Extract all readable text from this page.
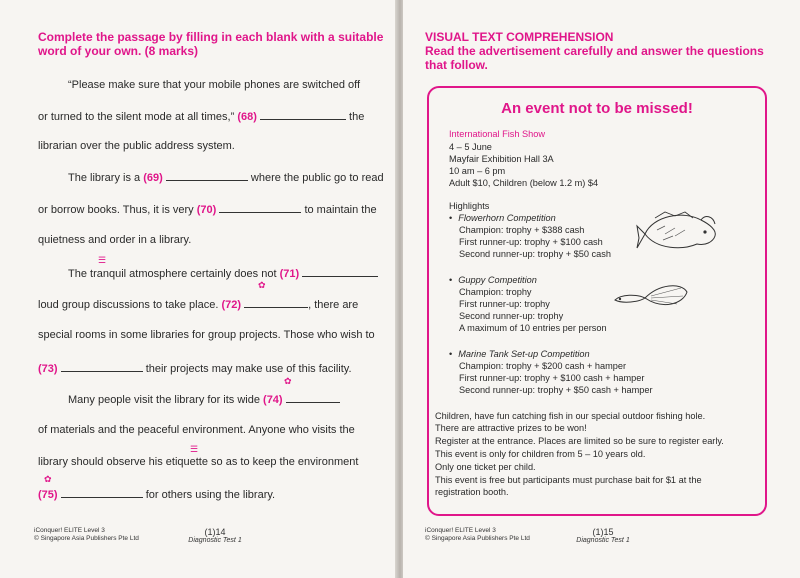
Complete the passage by filling in each blank with a suitable word of your own. (8 marks)
“Please make sure that your mobile phones are switched off
or turned to the silent mode at all times,” (68)	the
librarian over the public address system.
The library is a (69)	where the public go to read
or borrow books. Thus, it is very (70)	to maintain the
quietness and order in a library.
☰
The tranquil atmosphere certainly does not (71)
✿
loud group discussions to take place. (72)	, there are
special rooms in some libraries for group projects. Those who wish to
(73)	their projects may make use of this facility.
✿
Many people visit the library for its wide (74)
of materials and the peaceful environment. Anyone who visits the
☰
library should observe his etiquette so as to keep the environment
✿
(75)	for others using the library.
iConquer! ELITE Level 3
© Singapore Asia Publishers Pte Ltd
(1)14
Diagnostic Test 1
VISUAL TEXT COMPREHENSION
Read the advertisement carefully and answer the questions that follow.
An event not to be missed!
International Fish Show
4 – 5 June
Mayfair Exhibition Hall 3A
10 am – 6 pm
Adult $10, Children (below 1.2 m) $4
Highlights
• Flowerhorn Competition
Champion: trophy + $388 cash
First runner-up: trophy + $100 cash
Second runner-up: trophy + $50 cash
• Guppy Competition
Champion: trophy
First runner-up: trophy
Second runner-up: trophy
A maximum of 10 entries per person
• Marine Tank Set-up Competition
Champion: trophy + $200 cash + hamper
First runner-up: trophy + $100 cash + hamper
Second runner-up: trophy + $50 cash + hamper
Children, have fun catching fish in our special outdoor fishing hole.
There are attractive prizes to be won!
Register at the entrance. Places are limited so be sure to register early.
This event is only for children from 5 – 10 years old.
Only one ticket per child.
This event is free but participants must purchase bait for $1 at the
registration booth.
iConquer! ELITE Level 3
© Singapore Asia Publishers Pte Ltd
(1)15
Diagnostic Test 1
